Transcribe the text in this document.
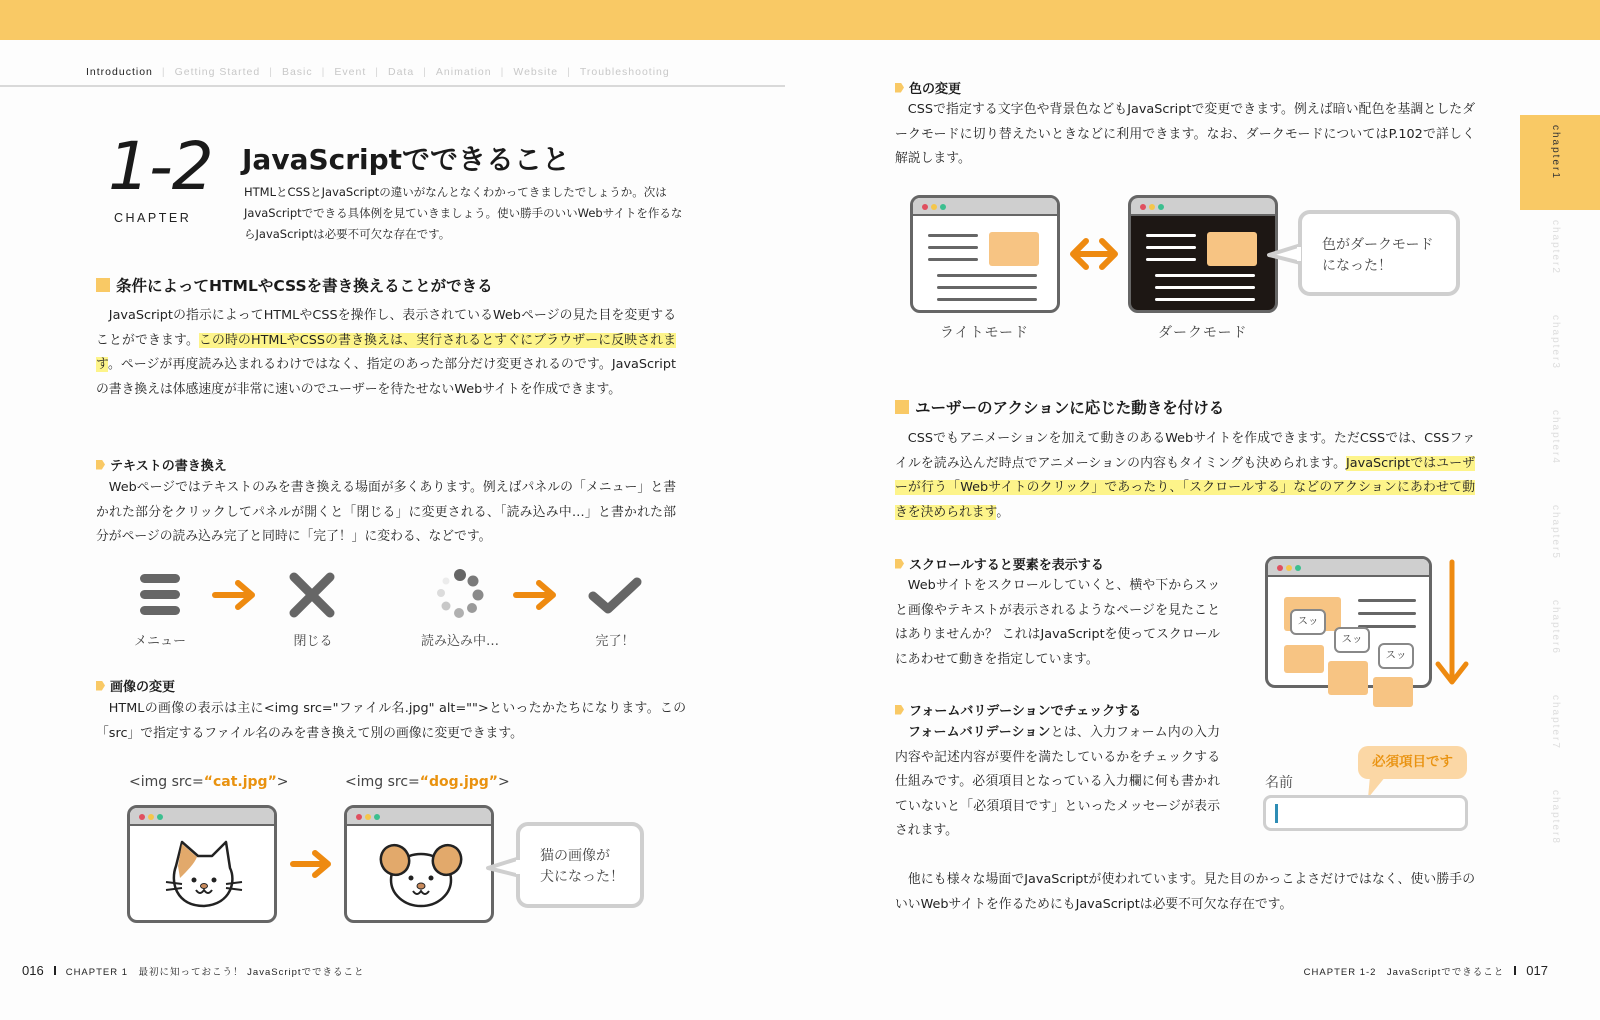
Introduction | Getting Started | Basic | Event | Data | Animation | Website | Troubleshooting
1-2
CHAPTER
JavaScriptでできること
HTMLとCSSとJavaScriptの違いがなんとなくわかってきましたでしょうか。次はJavaScriptでできる具体例を見ていきましょう。使い勝手のいいWebサイトを作るならJavaScriptは必要不可欠な存在です。
条件によってHTMLやCSSを書き換えることができる
JavaScriptの指示によってHTMLやCSSを操作し、表示されているWebページの見た目を変更することができます。この時のHTMLやCSSの書き換えは、実行されるとすぐにブラウザーに反映されます。ページが再度読み込まれるわけではなく、指定のあった部分だけ変更されるのです。JavaScriptの書き換えは体感速度が非常に速いのでユーザーを待たせないWebサイトを作成できます。
テキストの書き換え
Webページではテキストのみを書き換える場面が多くあります。例えばパネルの「メニュー」と書かれた部分をクリックしてパネルが開くと「閉じる」に変更される、「読み込み中…」と書かれた部分がページの読み込み完了と同時に「完了！」に変わる、などです。
メニュー	閉じる	読み込み中…	完了！
画像の変更
HTMLの画像の表示は主に<img src="ファイル名.jpg" alt="">といったかたちになります。この「src」で指定するファイル名のみを書き換えて別の画像に変更できます。
<img src=“cat.jpg”>	<img src=“dog.jpg”>
猫の画像が
犬になった！
016 CHAPTER 1　最初に知っておこう！ JavaScriptでできること
色の変更
CSSで指定する文字色や背景色などもJavaScriptで変更できます。例えば暗い配色を基調としたダークモードに切り替えたいときなどに利用できます。なお、ダークモードについてはP.102で詳しく解説します。
色がダークモード
になった！
ライトモード	ダークモード
ユーザーのアクションに応じた動きを付ける
CSSでもアニメーションを加えて動きのあるWebサイトを作成できます。ただCSSでは、CSSファイルを読み込んだ時点でアニメーションの内容もタイミングも決められます。JavaScriptではユーザーが行う「Webサイトのクリック」であったり、「スクロールする」などのアクションにあわせて動きを決められます。
スクロールすると要素を表示する
Webサイトをスクロールしていくと、横や下からスッと画像やテキストが表示されるようなページを見たことはありませんか？ これはJavaScriptを使ってスクロールにあわせて動きを指定しています。
スッ
スッ
スッ
フォームバリデーションでチェックする
フォームバリデーションとは、入力フォーム内の入力内容や記述内容が要件を満たしているかをチェックする仕組みです。必須項目となっている入力欄に何も書かれていないと「必須項目です」といったメッセージが表示されます。
必須項目です
名前
他にも様々な場面でJavaScriptが使われています。見た目のかっこよさだけではなく、使い勝手のいいWebサイトを作るためにもJavaScriptは必要不可欠な存在です。
chapter1
chapter2
chapter3
chapter4
chapter5
chapter6
chapter7
chapter8
CHAPTER 1-2　JavaScriptでできること 017
